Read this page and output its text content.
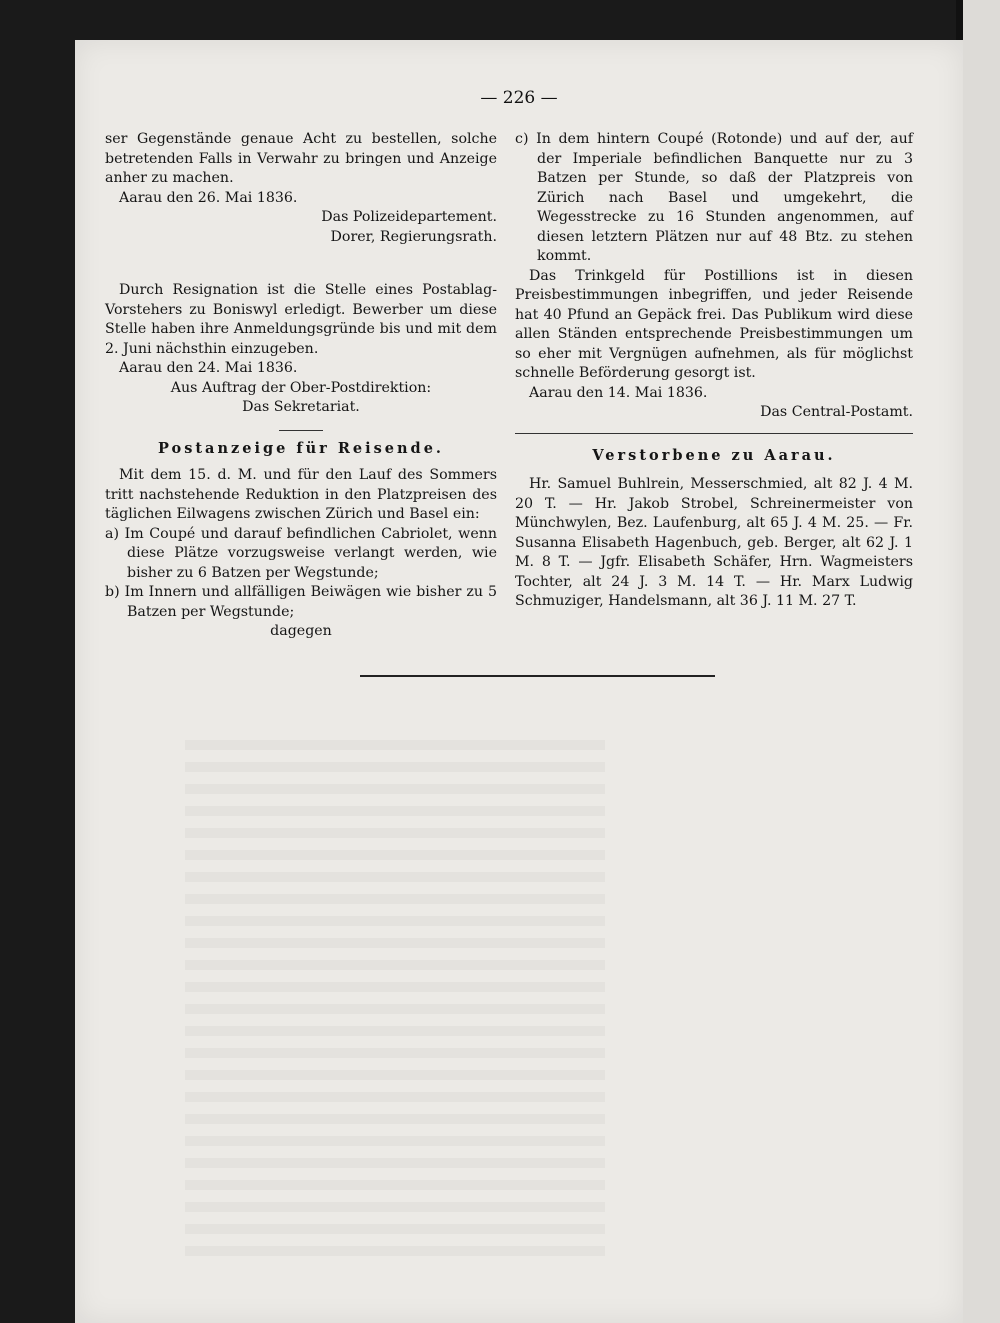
— 226 —

ser Gegenstände genaue Acht zu bestellen, solche betretenden Falls in Verwahr zu bringen und Anzeige anher zu machen.

Aarau den 26. Mai 1836.

Das Polizeidepartement.

Dorer, Regierungsrath.

Durch Resignation ist die Stelle eines Postablag-Vorstehers zu Boniswyl erledigt. Bewerber um diese Stelle haben ihre Anmeldungsgründe bis und mit dem 2. Juni nächsthin einzugeben.

Aarau den 24. Mai 1836.

Aus Auftrag der Ober-Postdirektion:

Das Sekretariat.

Postanzeige für Reisende.

Mit dem 15. d. M. und für den Lauf des Sommers tritt nachstehende Reduktion in den Platzpreisen des täglichen Eilwagens zwischen Zürich und Basel ein:

a) Im Coupé und darauf befindlichen Cabriolet, wenn diese Plätze vorzugsweise verlangt werden, wie bisher zu 6 Batzen per Wegstunde;

b) Im Innern und allfälligen Beiwägen wie bisher zu 5 Batzen per Wegstunde;

dagegen

c) In dem hintern Coupé (Rotonde) und auf der, auf der Imperiale befindlichen Banquette nur zu 3 Batzen per Stunde, so daß der Platzpreis von Zürich nach Basel und umgekehrt, die Wegesstrecke zu 16 Stunden angenommen, auf diesen letztern Plätzen nur auf 48 Btz. zu stehen kommt.

Das Trinkgeld für Postillions ist in diesen Preisbestimmungen inbegriffen, und jeder Reisende hat 40 Pfund an Gepäck frei. Das Publikum wird diese allen Ständen entsprechende Preisbestimmungen um so eher mit Vergnügen aufnehmen, als für möglichst schnelle Beförderung gesorgt ist.

Aarau den 14. Mai 1836.

Das Central-Postamt.

Verstorbene zu Aarau.

Hr. Samuel Buhlrein, Messerschmied, alt 82 J. 4 M. 20 T. — Hr. Jakob Strobel, Schreinermeister von Münchwylen, Bez. Laufenburg, alt 65 J. 4 M. 25. — Fr. Susanna Elisabeth Hagenbuch, geb. Berger, alt 62 J. 1 M. 8 T. — Jgfr. Elisabeth Schäfer, Hrn. Wagmeisters Tochter, alt 24 J. 3 M. 14 T. — Hr. Marx Ludwig Schmuziger, Handelsmann, alt 36 J. 11 M. 27 T.
